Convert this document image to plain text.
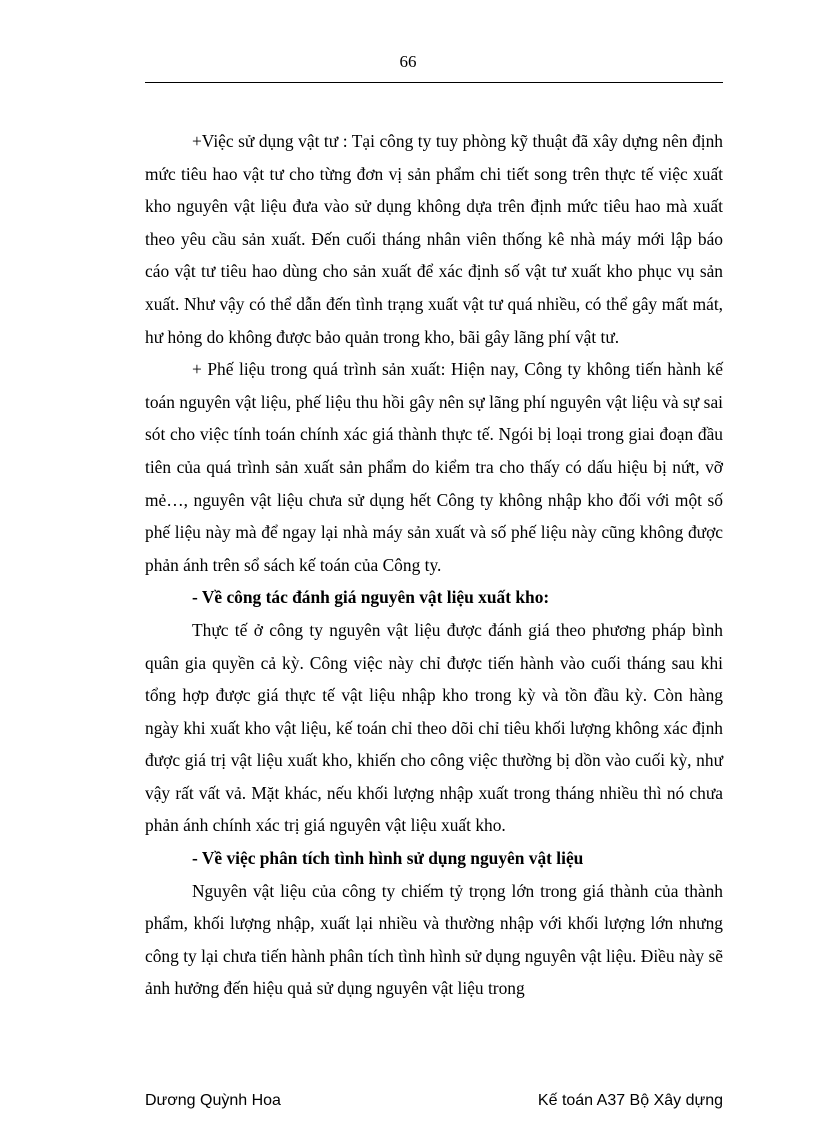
66

+Việc sử dụng vật tư : Tại công ty tuy phòng kỹ thuật đã xây dựng nên định mức tiêu hao vật tư cho từng đơn vị sản phẩm chi tiết song trên thực tế việc xuất kho nguyên vật liệu đưa vào sử dụng không dựa trên định mức tiêu hao mà xuất theo yêu cầu sản xuất. Đến cuối tháng nhân viên thống kê nhà máy mới lập báo cáo vật tư tiêu hao dùng cho sản xuất để xác định số vật tư xuất kho phục vụ sản xuất. Như vậy có thể dẫn đến tình trạng xuất vật tư quá nhiều, có thể gây mất mát, hư hỏng do không được bảo quản trong kho, bãi gây lãng phí vật tư.

+ Phế liệu trong quá trình sản xuất: Hiện nay, Công ty không tiến hành kế toán nguyên vật liệu, phế liệu thu hồi gây nên sự lãng phí nguyên vật liệu và sự sai sót cho việc tính toán chính xác giá thành thực tế. Ngói bị loại trong giai đoạn đầu tiên của quá trình sản xuất sản phẩm do kiểm tra cho thấy có dấu hiệu bị nứt, vỡ mẻ…, nguyên vật liệu chưa sử dụng hết Công ty không nhập kho đối với một số phế liệu này mà để ngay lại nhà máy sản xuất và số phế liệu này cũng không được phản ánh trên sổ sách kế toán của Công ty.

- Về công tác đánh giá nguyên vật liệu xuất kho:

Thực tế ở công ty nguyên vật liệu được đánh giá theo phương pháp bình quân gia quyền cả kỳ. Công việc này chỉ được tiến hành vào cuối tháng sau khi tổng hợp được giá thực tế vật liệu nhập kho trong kỳ và tồn đầu kỳ. Còn hàng ngày khi xuất kho vật liệu, kế toán chỉ theo dõi chỉ tiêu khối lượng không xác định được giá trị vật liệu xuất kho, khiến cho công việc thường bị dồn vào cuối kỳ, như vậy rất vất vả. Mặt khác, nếu khối lượng nhập xuất trong tháng nhiều thì nó chưa phản ánh chính xác trị giá nguyên vật liệu xuất kho.

- Về việc phân tích tình hình sử dụng nguyên vật liệu

Nguyên vật liệu của công ty chiếm tỷ trọng lớn trong giá thành của thành phẩm, khối lượng nhập, xuất lại nhiều và thường nhập với khối lượng lớn nhưng công ty lại chưa tiến hành phân tích tình hình sử dụng nguyên vật liệu. Điều này sẽ ảnh hưởng đến hiệu quả sử dụng nguyên vật liệu trong

Dương Quỳnh Hoa	Kế toán A37 Bộ Xây dựng
